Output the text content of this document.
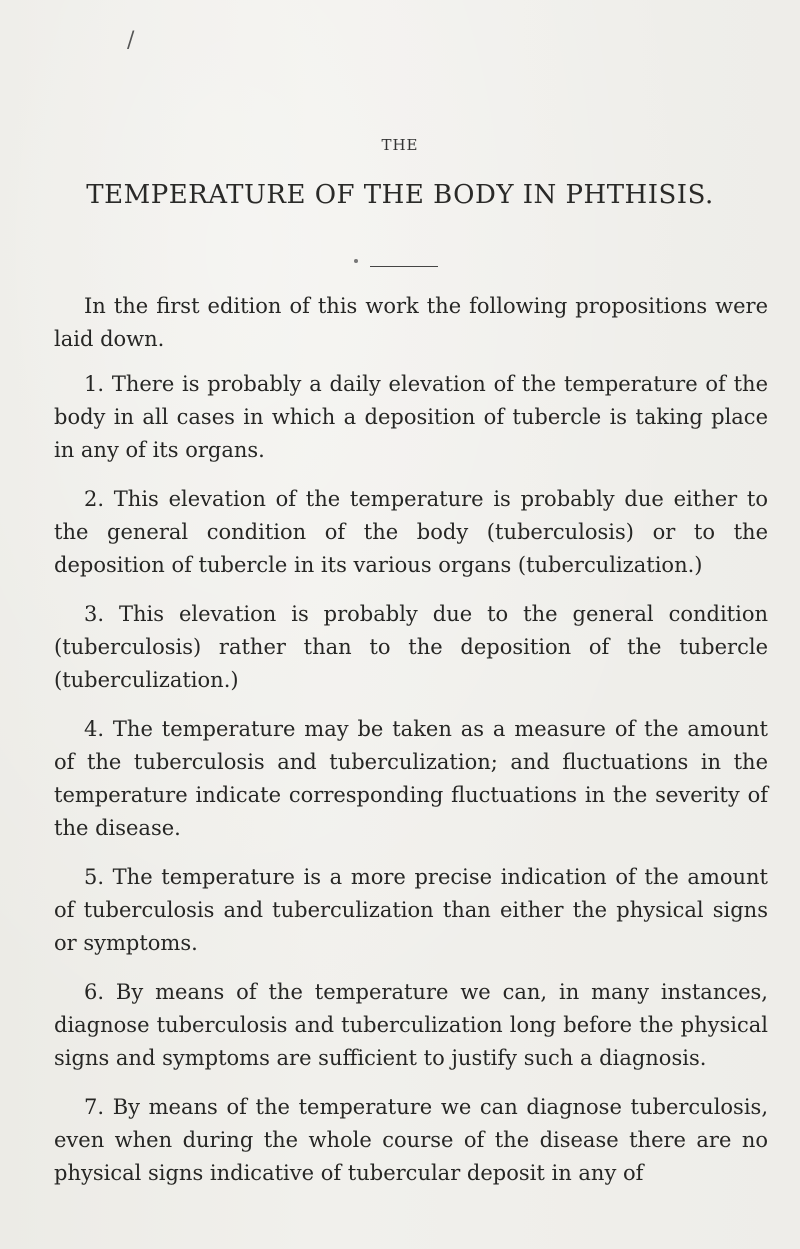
/
THE
TEMPERATURE OF THE BODY IN PHTHISIS.

In the first edition of this work the following propositions were laid down.

1. There is probably a daily elevation of the temperature of the body in all cases in which a deposition of tubercle is taking place in any of its organs.

2. This elevation of the temperature is probably due either to the general condition of the body (tuberculosis) or to the deposition of tubercle in its various organs (tuberculization.)

3. This elevation is probably due to the general condition (tuberculosis) rather than to the deposition of the tubercle (tuberculization.)

4. The temperature may be taken as a measure of the amount of the tuberculosis and tuberculization; and fluctuations in the temperature indicate corresponding fluctuations in the severity of the disease.

5. The temperature is a more precise indication of the amount of tuberculosis and tuberculization than either the physical signs or symptoms.

6. By means of the temperature we can, in many instances, diagnose tuberculosis and tuberculization long before the physical signs and symptoms are sufficient to justify such a diagnosis.

7. By means of the temperature we can diagnose tuberculosis, even when during the whole course of the disease there are no physical signs indicative of tubercular deposit in any of
